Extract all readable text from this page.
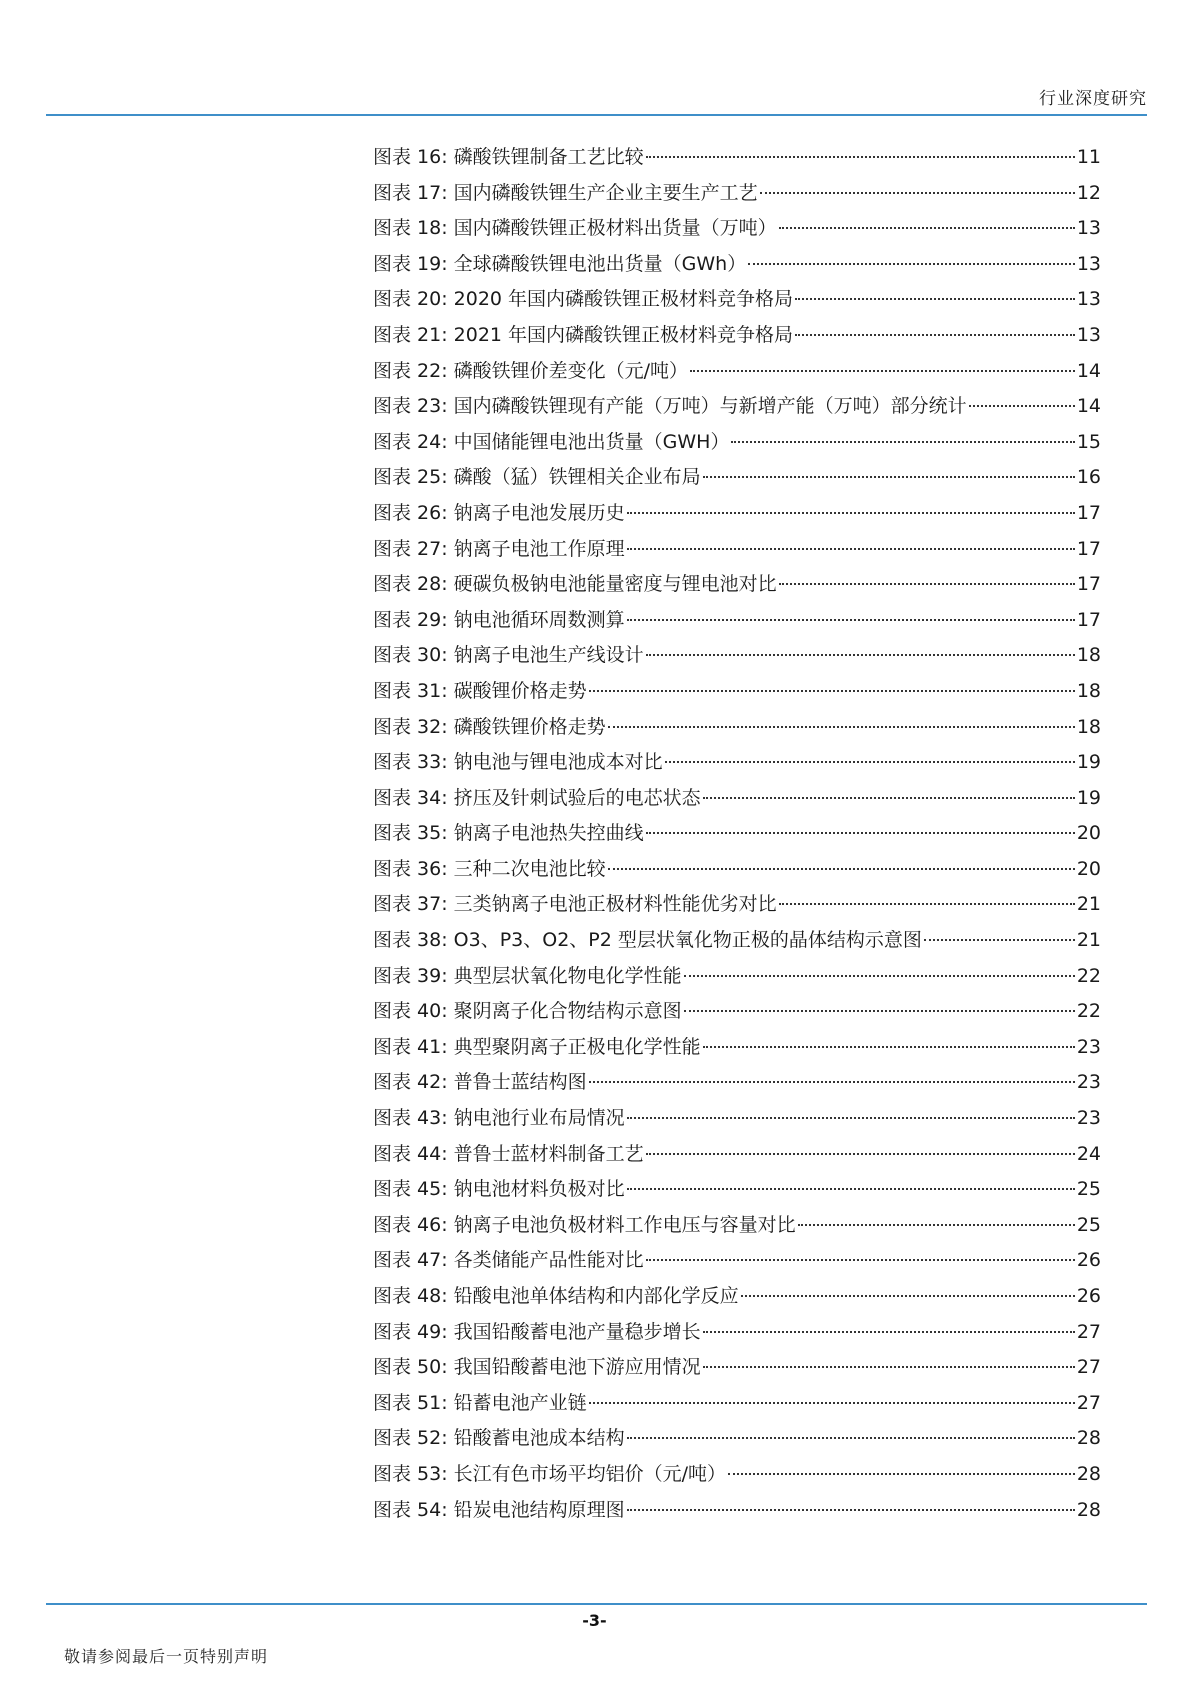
行业深度研究
图表 16: 磷酸铁锂制备工艺比较	11
图表 17: 国内磷酸铁锂生产企业主要生产工艺	12
图表 18: 国内磷酸铁锂正极材料出货量（万吨）	13
图表 19: 全球磷酸铁锂电池出货量（GWh）	13
图表 20: 2020 年国内磷酸铁锂正极材料竞争格局	13
图表 21: 2021 年国内磷酸铁锂正极材料竞争格局	13
图表 22: 磷酸铁锂价差变化（元/吨）	14
图表 23: 国内磷酸铁锂现有产能（万吨）与新增产能（万吨）部分统计	14
图表 24: 中国储能锂电池出货量（GWH）	15
图表 25: 磷酸（猛）铁锂相关企业布局	16
图表 26: 钠离子电池发展历史	17
图表 27: 钠离子电池工作原理	17
图表 28: 硬碳负极钠电池能量密度与锂电池对比	17
图表 29: 钠电池循环周数测算	17
图表 30: 钠离子电池生产线设计	18
图表 31: 碳酸锂价格走势	18
图表 32: 磷酸铁锂价格走势	18
图表 33: 钠电池与锂电池成本对比	19
图表 34: 挤压及针刺试验后的电芯状态	19
图表 35: 钠离子电池热失控曲线	20
图表 36: 三种二次电池比较	20
图表 37: 三类钠离子电池正极材料性能优劣对比	21
图表 38: O3、P3、O2、P2 型层状氧化物正极的晶体结构示意图	21
图表 39: 典型层状氧化物电化学性能	22
图表 40: 聚阴离子化合物结构示意图	22
图表 41: 典型聚阴离子正极电化学性能	23
图表 42: 普鲁士蓝结构图	23
图表 43: 钠电池行业布局情况	23
图表 44: 普鲁士蓝材料制备工艺	24
图表 45: 钠电池材料负极对比	25
图表 46: 钠离子电池负极材料工作电压与容量对比	25
图表 47: 各类储能产品性能对比	26
图表 48: 铅酸电池单体结构和内部化学反应	26
图表 49: 我国铅酸蓄电池产量稳步增长	27
图表 50: 我国铅酸蓄电池下游应用情况	27
图表 51: 铅蓄电池产业链	27
图表 52: 铅酸蓄电池成本结构	28
图表 53: 长江有色市场平均铝价（元/吨）	28
图表 54: 铅炭电池结构原理图	28
-3-
敬请参阅最后一页特别声明
